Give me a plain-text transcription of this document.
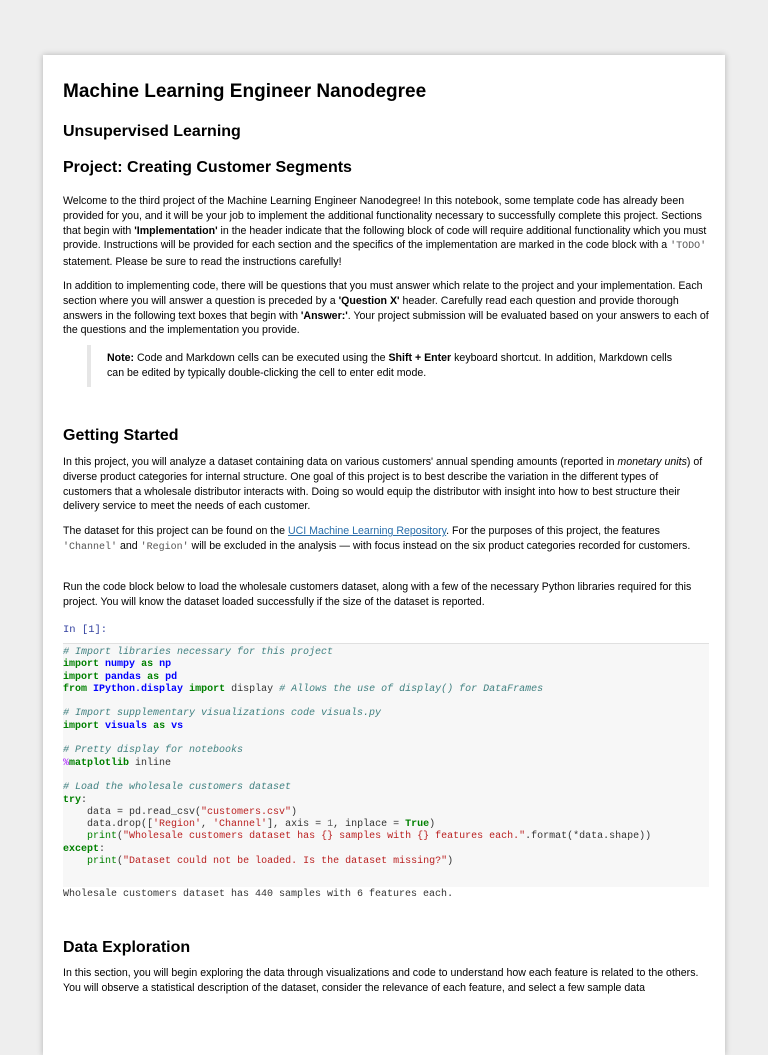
Machine Learning Engineer Nanodegree
Unsupervised Learning
Project: Creating Customer Segments

Welcome to the third project of the Machine Learning Engineer Nanodegree! In this notebook, some template code has already been provided for you, and it will be your job to implement the additional functionality necessary to successfully complete this project. Sections that begin with 'Implementation' in the header indicate that the following block of code will require additional functionality which you must provide. Instructions will be provided for each section and the specifics of the implementation are marked in the code block with a 'TODO' statement. Please be sure to read the instructions carefully!

In addition to implementing code, there will be questions that you must answer which relate to the project and your implementation. Each section where you will answer a question is preceded by a 'Question X' header. Carefully read each question and provide thorough answers in the following text boxes that begin with 'Answer:'. Your project submission will be evaluated based on your answers to each of the questions and the implementation you provide.

Note: Code and Markdown cells can be executed using the Shift + Enter keyboard shortcut. In addition, Markdown cells can be edited by typically double-clicking the cell to enter edit mode.

Getting Started

In this project, you will analyze a dataset containing data on various customers' annual spending amounts (reported in monetary units) of diverse product categories for internal structure. One goal of this project is to best describe the variation in the different types of customers that a wholesale distributor interacts with. Doing so would equip the distributor with insight into how to best structure their delivery service to meet the needs of each customer.

The dataset for this project can be found on the UCI Machine Learning Repository. For the purposes of this project, the features 'Channel' and 'Region' will be excluded in the analysis — with focus instead on the six product categories recorded for customers.

Run the code block below to load the wholesale customers dataset, along with a few of the necessary Python libraries required for this project. You will know the dataset loaded successfully if the size of the dataset is reported.

In [1]:
# Import libraries necessary for this project
import numpy as np
import pandas as pd
from IPython.display import display # Allows the use of display() for DataFrames

# Import supplementary visualizations code visuals.py
import visuals as vs

# Pretty display for notebooks
%matplotlib inline

# Load the wholesale customers dataset
try:
data = pd.read_csv("customers.csv")
data.drop(['Region', 'Channel'], axis = 1, inplace = True)
print("Wholesale customers dataset has {} samples with {} features each.".format(*data.shape))
except:
print("Dataset could not be loaded. Is the dataset missing?")
Wholesale customers dataset has 440 samples with 6 features each.
Data Exploration

In this section, you will begin exploring the data through visualizations and code to understand how each feature is related to the others. You will observe a statistical description of the dataset, consider the relevance of each feature, and select a few sample data
